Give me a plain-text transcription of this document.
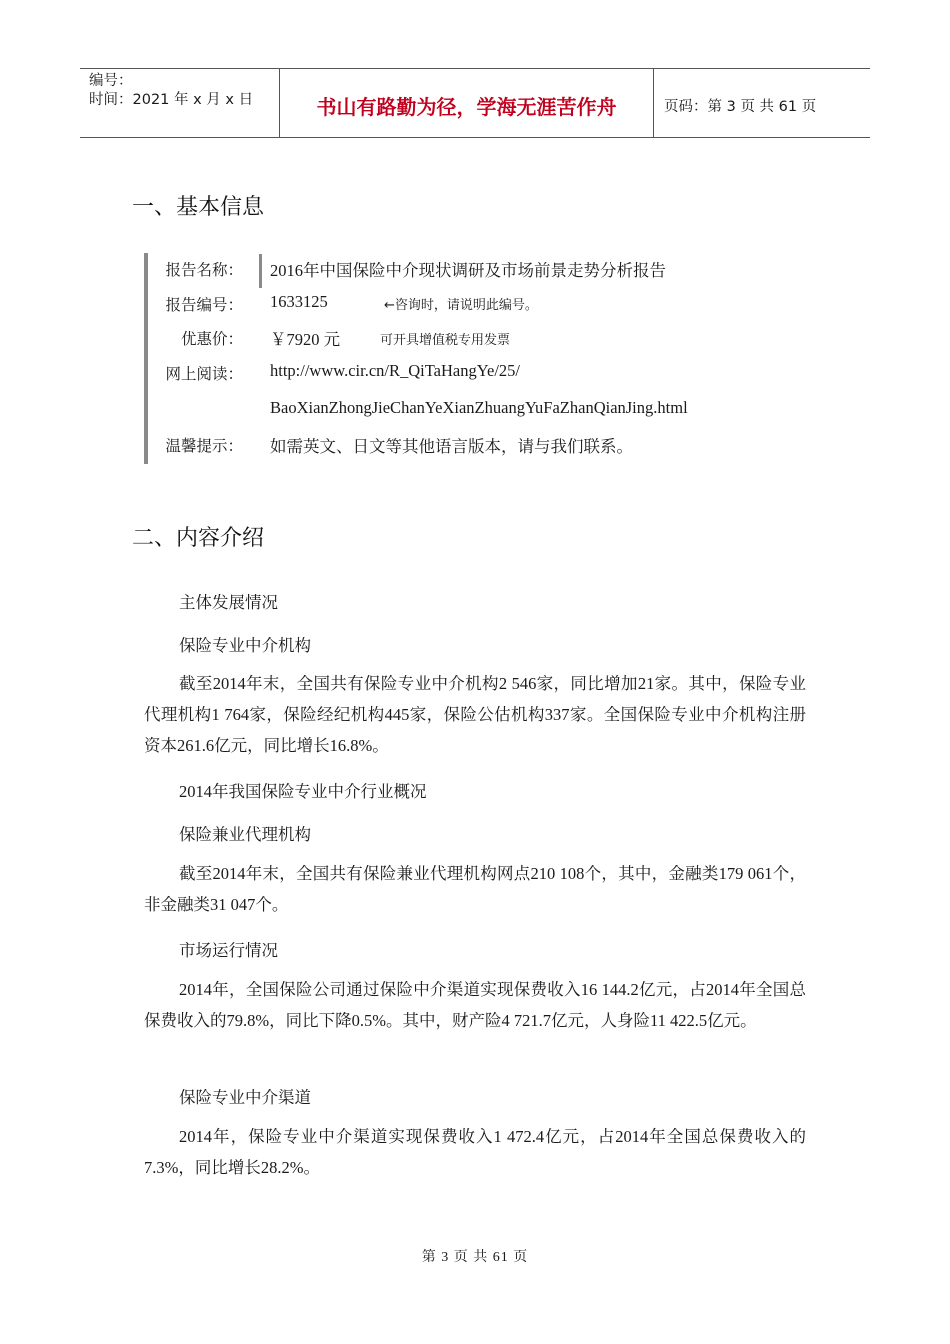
编号：
时间：2021 年 x 月 x 日	书山有路勤为径，学海无涯苦作舟	页码：第 3 页 共 61 页
一、基本信息
报告名称： 2016年中国保险中介现状调研及市场前景走势分析报告
报告编号： 1633125	←咨询时，请说明此编号。
优惠价： ￥7920 元	可开具增值税专用发票
网上阅读： http://www.cir.cn/R_QiTaHangYe/25/
BaoXianZhongJieChanYeXianZhuangYuFaZhanQianJing.html
温馨提示： 如需英文、日文等其他语言版本，请与我们联系。
二、内容介绍
主体发展情况
保险专业中介机构
截至2014年末，全国共有保险专业中介机构2 546家，同比增加21家。其中，保险专业代理机构1 764家，保险经纪机构445家，保险公估机构337家。全国保险专业中介机构注册资本261.6亿元，同比增长16.8%。
2014年我国保险专业中介行业概况
保险兼业代理机构
截至2014年末，全国共有保险兼业代理机构网点210 108个，其中，金融类179 061个，非金融类31 047个。
市场运行情况
2014年，全国保险公司通过保险中介渠道实现保费收入16 144.2亿元，占2014年全国总保费收入的79.8%，同比下降0.5%。其中，财产险4 721.7亿元，人身险11 422.5亿元。
保险专业中介渠道
2014年，保险专业中介渠道实现保费收入1 472.4亿元，占2014年全国总保费收入的7.3%，同比增长28.2%。
第 3 页 共 61 页
